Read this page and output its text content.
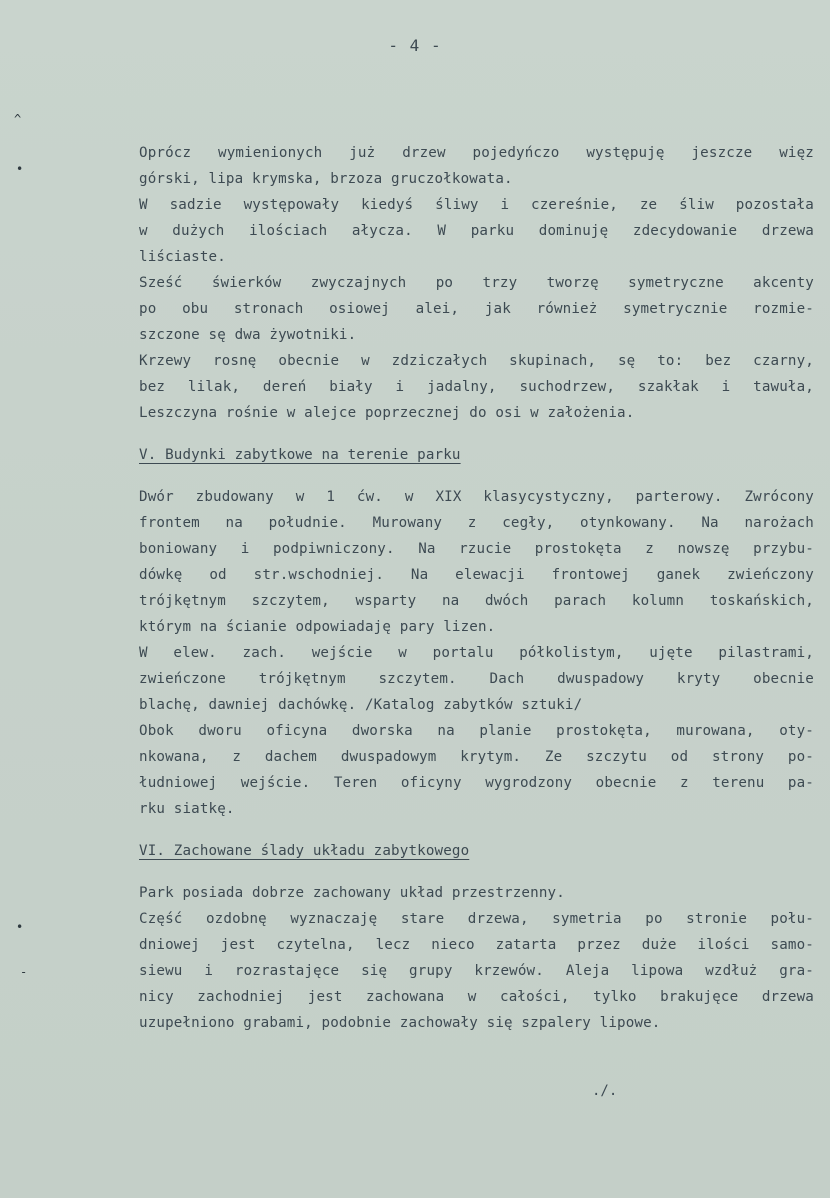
- 4 -
^
•
•
-
Oprócz wymienionych już drzew pojedyńczo występuję jeszcze więz
górski, lipa krymska, brzoza gruczołkowata.
W sadzie występowały kiedyś śliwy i czereśnie, ze śliw pozostała
w dużych ilościach ałycza. W parku dominuję zdecydowanie drzewa
liściaste.
Sześć świerków zwyczajnych po trzy tworzę symetryczne akcenty
po obu stronach osiowej alei, jak również symetrycznie rozmie-
szczone sę dwa żywotniki.
Krzewy rosnę obecnie w zdziczałych skupinach, sę to: bez czarny,
bez lilak, dereń biały i jadalny, suchodrzew, szakłak i tawuła,
Leszczyna rośnie w alejce poprzecznej do osi w założenia.
V. Budynki zabytkowe na terenie parku
Dwór zbudowany w 1 ćw. w XIX klasycystyczny, parterowy. Zwrócony
frontem na południe. Murowany z cegły, otynkowany. Na narożach
boniowany i podpiwniczony. Na rzucie prostokęta z nowszę przybu-
dówkę od str.wschodniej. Na elewacji frontowej ganek zwieńczony
trójkętnym szczytem, wsparty na dwóch parach kolumn toskańskich,
którym na ścianie odpowiadaję pary lizen.
W elew. zach. wejście w portalu półkolistym, ujęte pilastrami,
zwieńczone trójkętnym szczytem. Dach dwuspadowy kryty obecnie
blachę, dawniej dachówkę. /Katalog zabytków sztuki/
Obok dworu oficyna dworska na planie prostokęta, murowana, oty-
nkowana, z dachem dwuspadowym krytym. Ze szczytu od strony po-
łudniowej wejście. Teren oficyny wygrodzony obecnie z terenu pa-
rku siatkę.
VI. Zachowane ślady układu zabytkowego
Park posiada dobrze zachowany układ przestrzenny.
Część ozdobnę wyznaczaję stare drzewa, symetria po stronie połu-
dniowej jest czytelna, lecz nieco zatarta przez duże ilości samo-
siewu i rozrastajęce się grupy krzewów. Aleja lipowa wzdłuż gra-
nicy zachodniej jest zachowana w całości, tylko brakujęce drzewa
uzupełniono grabami, podobnie zachowały się szpalery lipowe.
./.
